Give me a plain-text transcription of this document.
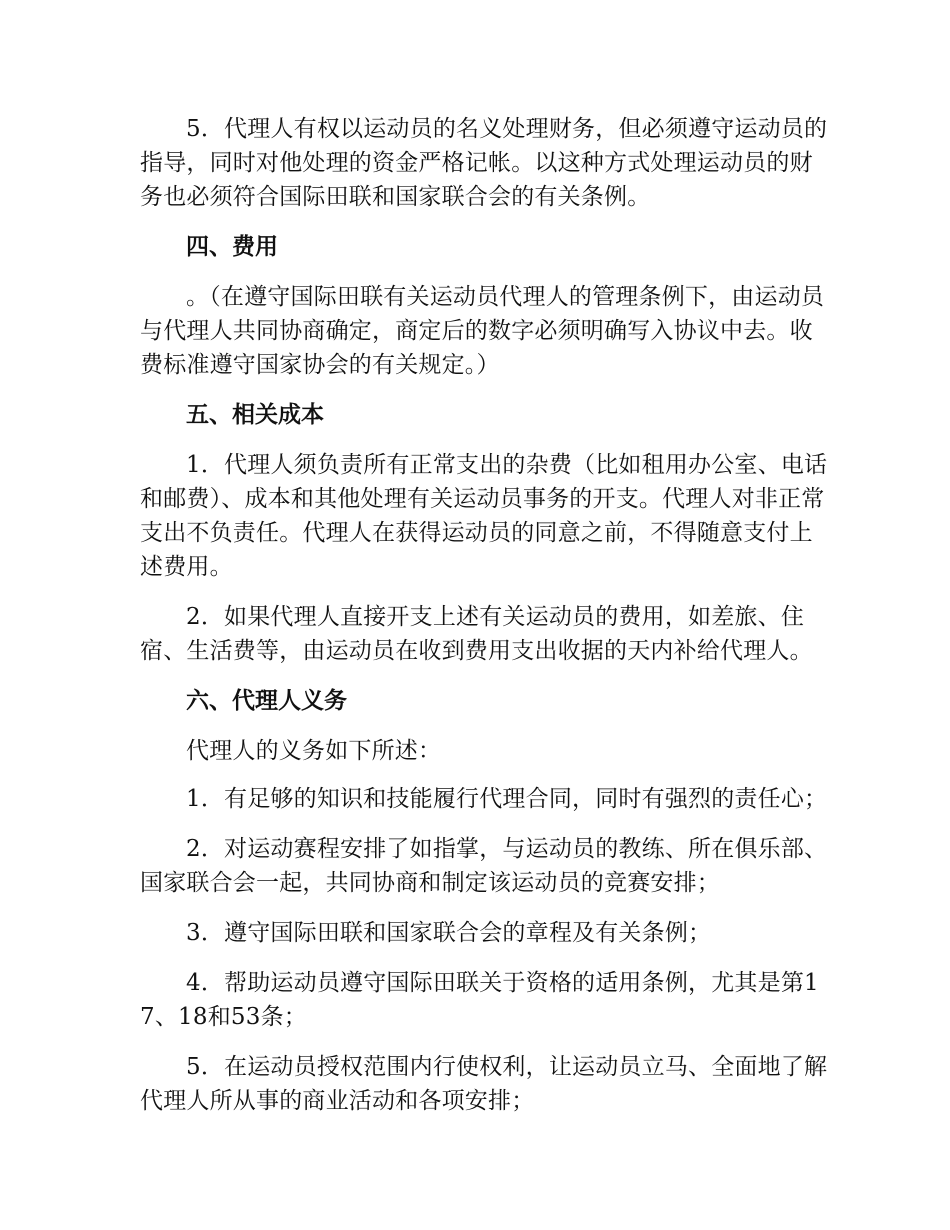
5．代理人有权以运动员的名义处理财务，但必须遵守运动员的指导，同时对他处理的资金严格记帐。以这种方式处理运动员的财务也必须符合国际田联和国家联合会的有关条例。

四、费用

。（在遵守国际田联有关运动员代理人的管理条例下，由运动员与代理人共同协商确定，商定后的数字必须明确写入协议中去。收费标准遵守国家协会的有关规定。）

五、相关成本

1．代理人须负责所有正常支出的杂费（比如租用办公室、电话和邮费）、成本和其他处理有关运动员事务的开支。代理人对非正常支出不负责任。代理人在获得运动员的同意之前，不得随意支付上述费用。

2．如果代理人直接开支上述有关运动员的费用，如差旅、住宿、生活费等，由运动员在收到费用支出收据的天内补给代理人。

六、代理人义务

代理人的义务如下所述：

1．有足够的知识和技能履行代理合同，同时有强烈的责任心；

2．对运动赛程安排了如指掌，与运动员的教练、所在俱乐部、国家联合会一起，共同协商和制定该运动员的竞赛安排；

3．遵守国际田联和国家联合会的章程及有关条例；

4．帮助运动员遵守国际田联关于资格的适用条例，尤其是第17、18和53条；

5．在运动员授权范围内行使权利，让运动员立马、全面地了解代理人所从事的商业活动和各项安排；
